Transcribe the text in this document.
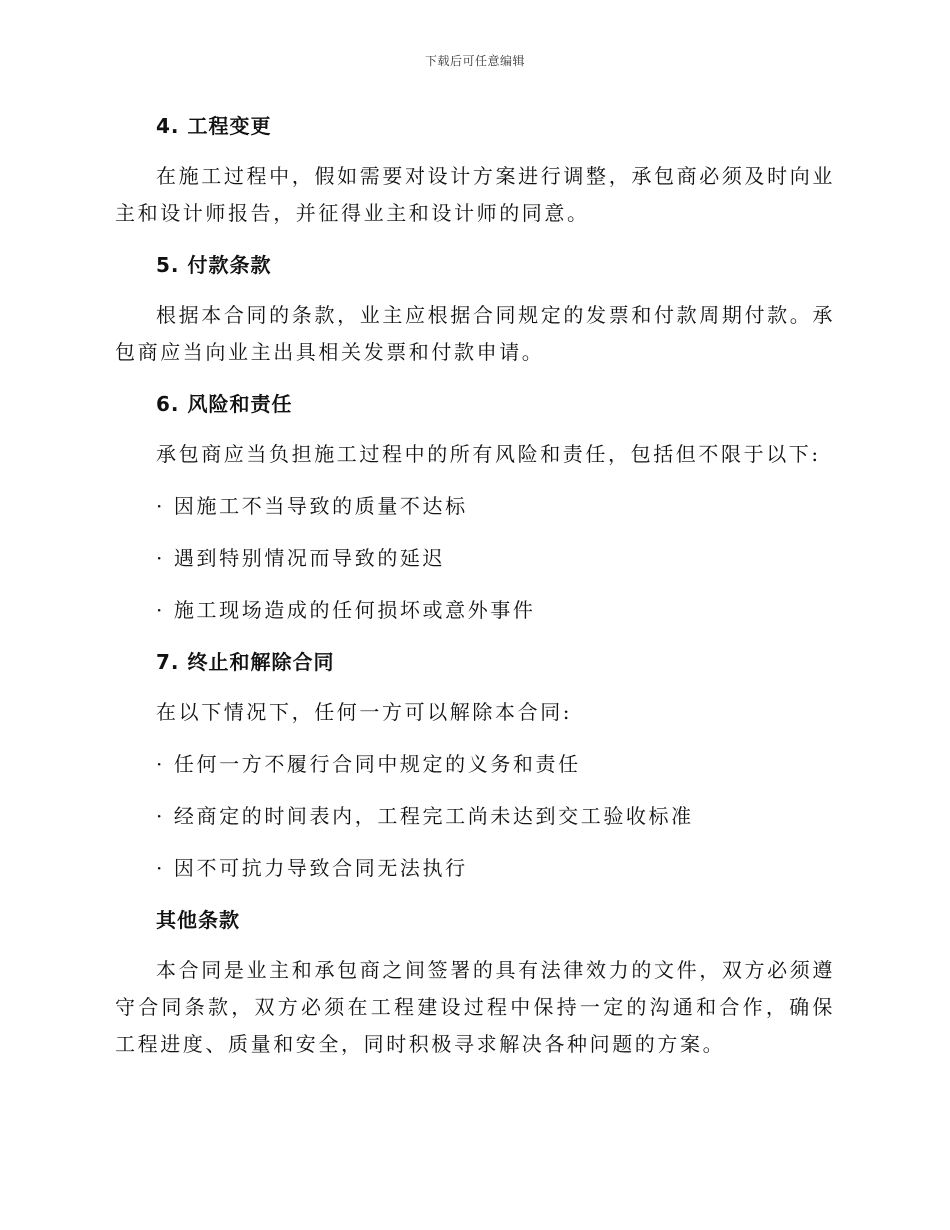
下载后可任意编辑
4. 工程变更

在施工过程中，假如需要对设计方案进行调整，承包商必须及时向业主和设计师报告，并征得业主和设计师的同意。

5. 付款条款

根据本合同的条款，业主应根据合同规定的发票和付款周期付款。承包商应当向业主出具相关发票和付款申请。

6. 风险和责任

承包商应当负担施工过程中的所有风险和责任，包括但不限于以下:

· 因施工不当导致的质量不达标

· 遇到特别情况而导致的延迟

· 施工现场造成的任何损坏或意外事件

7. 终止和解除合同

在以下情况下，任何一方可以解除本合同:

· 任何一方不履行合同中规定的义务和责任

· 经商定的时间表内，工程完工尚未达到交工验收标准

· 因不可抗力导致合同无法执行

其他条款

本合同是业主和承包商之间签署的具有法律效力的文件，双方必须遵守合同条款，双方必须在工程建设过程中保持一定的沟通和合作，确保工程进度、质量和安全，同时积极寻求解决各种问题的方案。
